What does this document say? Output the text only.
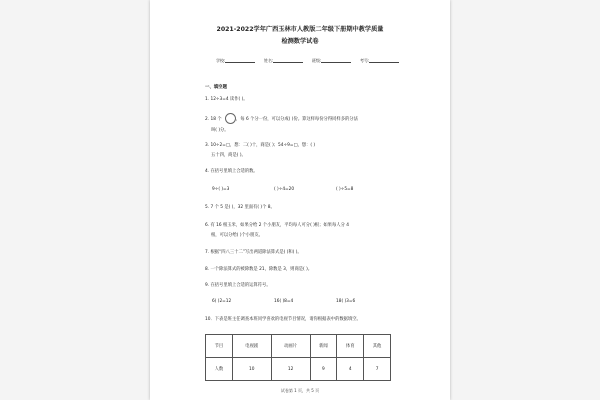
2021-2022学年广西玉林市人教版二年级下册期中教学质量
检测数学试卷
学校:	姓名:	班级:	考号:
一、填空题
1. 12÷3=4 读作( )。
2. 18 个	，每 6 个分一份，可以分成( )份。算这样每份分得同样多的分法
叫( )分。
3. 10÷2=□，想：二( )十，商是( )；54÷9=□，想：( )
五十四，商是( )。
4. 在括号里填上合适的数。
9÷( )=3	( )÷4=20	( )÷5=8
5. 7 个 5 是( )，32 里面有( )个 8。
6. 有 16 根玉米，如果分给 2 个小朋友，平均每人可分( )根；如果每人分 4
根，可以分给( )个小朋友。
7. 根据“四八三十二”写出两道除法算式是( )和( )。
8. 一个除法算式的被除数是 21，除数是 3，则商是( )。
9. 在括号里填上合适的运算符号。
6( )2=12	16( )8=4	18( )3=6
10．下表是班主任调查本班同学喜欢的电视节目情况，请你根据表中的数据填空。
节目	电视剧	动画片	新闻	体育	其他
人数	10	12	9	4	7
试卷第 1 页，共 5 页
